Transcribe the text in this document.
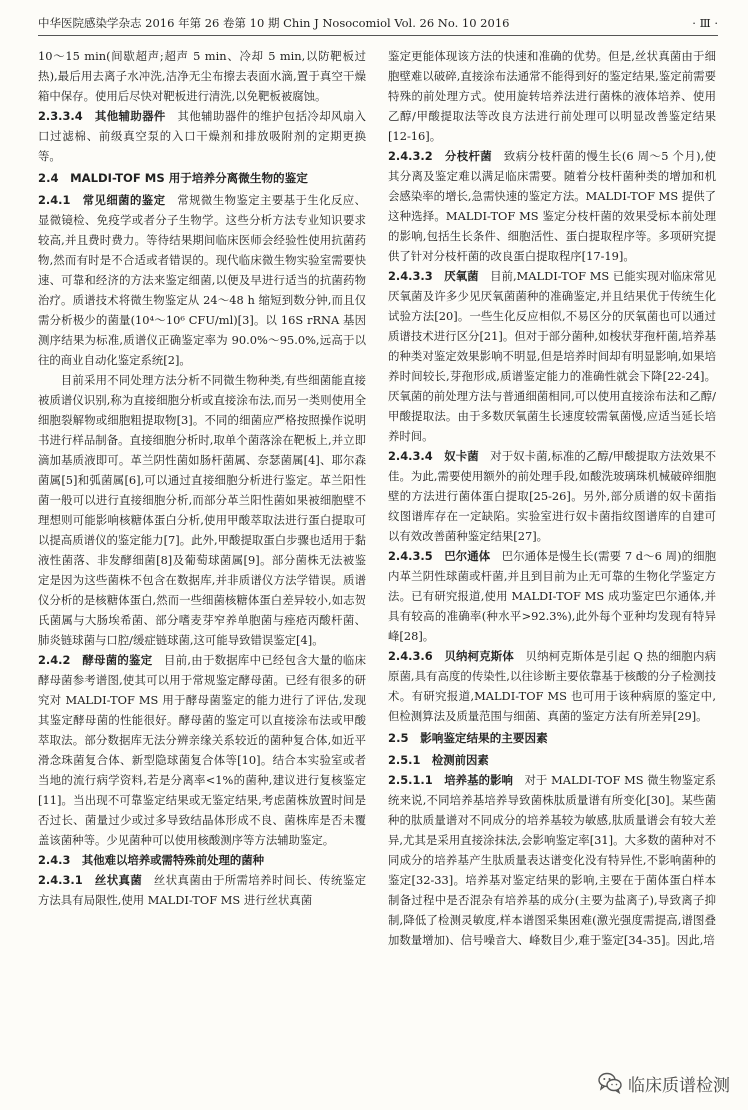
中华医院感染学杂志 2016 年第 26 卷第 10 期 Chin J Nosocomiol Vol. 26 No. 10 2016	· Ⅲ ·

10～15 min(间歇超声;超声 5 min、冷却 5 min,以防靶板过热),最后用去离子水冲洗,洁净无尘布擦去表面水滴,置于真空干燥箱中保存。使用后尽快对靶板进行清洗,以免靶板被腐蚀。

2.3.3.4　其他辅助器件　其他辅助器件的维护包括冷却风扇入口过滤棉、前级真空泵的入口干燥剂和排放吸附剂的定期更换等。

2.4　MALDI-TOF MS 用于培养分离微生物的鉴定

2.4.1　常见细菌的鉴定　常规微生物鉴定主要基于生化反应、显微镜检、免疫学或者分子生物学。这些分析方法专业知识要求较高,并且费时费力。等待结果期间临床医师会经验性使用抗菌药物,然而有时是不合适或者错误的。现代临床微生物实验室需要快速、可靠和经济的方法来鉴定细菌,以便及早进行适当的抗菌药物治疗。质谱技术将微生物鉴定从 24～48 h 缩短到数分钟,而且仅需分析极少的菌量(10⁴～10⁶ CFU/ml)[3]。以 16S rRNA 基因测序结果为标准,质谱仪正确鉴定率为 90.0%～95.0%,远高于以往的商业自动化鉴定系统[2]。

目前采用不同处理方法分析不同微生物种类,有些细菌能直接被质谱仪识别,称为直接细胞分析或直接涂布法,而另一类则使用全细胞裂解物或细胞粗提取物[3]。不同的细菌应严格按照操作说明书进行样品制备。直接细胞分析时,取单个菌落涂在靶板上,并立即滴加基质液即可。革兰阴性菌如肠杆菌属、奈瑟菌属[4]、耶尔森菌属[5]和弧菌属[6],可以通过直接细胞分析进行鉴定。革兰阳性菌一般可以进行直接细胞分析,而部分革兰阳性菌如果被细胞壁不理想则可能影响核糖体蛋白分析,使用甲酸萃取法进行蛋白提取可以提高质谱仪的鉴定能力[7]。此外,甲酸提取蛋白步骤也适用于黏液性菌落、非发酵细菌[8]及葡萄球菌属[9]。部分菌株无法被鉴定是因为这些菌株不包含在数据库,并非质谱仪方法学错误。质谱仪分析的是核糖体蛋白,然而一些细菌核糖体蛋白差异较小,如志贺氏菌属与大肠埃希菌、部分嗜麦芽窄养单胞菌与痤疮丙酸杆菌、肺炎链球菌与口腔/缓症链球菌,这可能导致错误鉴定[4]。

2.4.2　酵母菌的鉴定　目前,由于数据库中已经包含大量的临床酵母菌参考谱图,使其可以用于常规鉴定酵母菌。已经有很多的研究对 MALDI-TOF MS 用于酵母菌鉴定的能力进行了评估,发现其鉴定酵母菌的性能很好。酵母菌的鉴定可以直接涂布法或甲酸萃取法。部分数据库无法分辨亲缘关系较近的菌种复合体,如近平滑念珠菌复合体、新型隐球菌复合体等[10]。结合本实验室或者当地的流行病学资料,若是分离率<1%的菌种,建议进行复核鉴定[11]。当出现不可靠鉴定结果或无鉴定结果,考虑菌株放置时间是否过长、菌量过少或过多导致结晶体形成不良、菌株库是否未覆盖该菌种等。少见菌种可以使用核酸测序等方法辅助鉴定。

2.4.3　其他难以培养或需特殊前处理的菌种

2.4.3.1　丝状真菌　丝状真菌由于所需培养时间长、传统鉴定方法具有局限性,使用 MALDI-TOF MS 进行丝状真菌

鉴定更能体现该方法的快速和准确的优势。但是,丝状真菌由于细胞壁难以破碎,直接涂布法通常不能得到好的鉴定结果,鉴定前需要特殊的前处理方式。使用旋转培养法进行菌株的液体培养、使用乙醇/甲酸提取法等改良方法进行前处理可以明显改善鉴定结果[12-16]。

2.4.3.2　分枝杆菌　致病分枝杆菌的慢生长(6 周～5 个月),使其分离及鉴定难以满足临床需要。随着分枝杆菌种类的增加和机会感染率的增长,急需快速的鉴定方法。MALDI-TOF MS 提供了这种选择。MALDI-TOF MS 鉴定分枝杆菌的效果受标本前处理的影响,包括生长条件、细胞活性、蛋白提取程序等。多项研究提供了针对分枝杆菌的改良蛋白提取程序[17-19]。

2.4.3.3　厌氧菌　目前,MALDI-TOF MS 已能实现对临床常见厌氧菌及许多少见厌氧菌菌种的准确鉴定,并且结果优于传统生化试验方法[20]。一些生化反应相似,不易区分的厌氧菌也可以通过质谱技术进行区分[21]。但对于部分菌种,如梭状芽孢杆菌,培养基的种类对鉴定效果影响不明显,但是培养时间却有明显影响,如果培养时间较长,芽孢形成,质谱鉴定能力的准确性就会下降[22-24]。厌氧菌的前处理方法与普通细菌相同,可以使用直接涂布法和乙醇/甲酸提取法。由于多数厌氧菌生长速度较需氧菌慢,应适当延长培养时间。

2.4.3.4　奴卡菌　对于奴卡菌,标准的乙醇/甲酸提取方法效果不佳。为此,需要使用额外的前处理手段,如酸洗玻璃珠机械破碎细胞壁的方法进行菌体蛋白提取[25-26]。另外,部分质谱的奴卡菌指纹图谱库存在一定缺陷。实验室进行奴卡菌指纹图谱库的自建可以有效改善菌种鉴定结果[27]。

2.4.3.5　巴尔通体　巴尔通体是慢生长(需要 7 d～6 周)的细胞内革兰阴性球菌或杆菌,并且到目前为止无可靠的生物化学鉴定方法。已有研究报道,使用 MALDI-TOF MS 成功鉴定巴尔通体,并具有较高的准确率(种水平>92.3%),此外每个亚种均发现有特异峰[28]。

2.4.3.6　贝纳柯克斯体　贝纳柯克斯体是引起 Q 热的细胞内病原菌,具有高度的传染性,以往诊断主要依靠基于核酸的分子检测技术。有研究报道,MALDI-TOF MS 也可用于该种病原的鉴定中,但检测算法及质量范围与细菌、真菌的鉴定方法有所差异[29]。

2.5　影响鉴定结果的主要因素

2.5.1　检测前因素

2.5.1.1　培养基的影响　对于 MALDI-TOF MS 微生物鉴定系统来说,不同培养基培养导致菌株肽质量谱有所变化[30]。某些菌种的肽质量谱对不同成分的培养基较为敏感,肽质量谱会有较大差异,尤其是采用直接涂抹法,会影响鉴定率[31]。大多数的菌种对不同成分的培养基产生肽质量表达谱变化没有特异性,不影响菌种的鉴定[32-33]。培养基对鉴定结果的影响,主要在于菌体蛋白样本制备过程中是否混杂有培养基的成分(主要为盐离子),导致离子抑制,降低了检测灵敏度,样本谱图采集困难(激光强度需提高,谱图叠加数量增加)、信号噪音大、峰数目少,难于鉴定[34-35]。因此,培

临床质谱检测
